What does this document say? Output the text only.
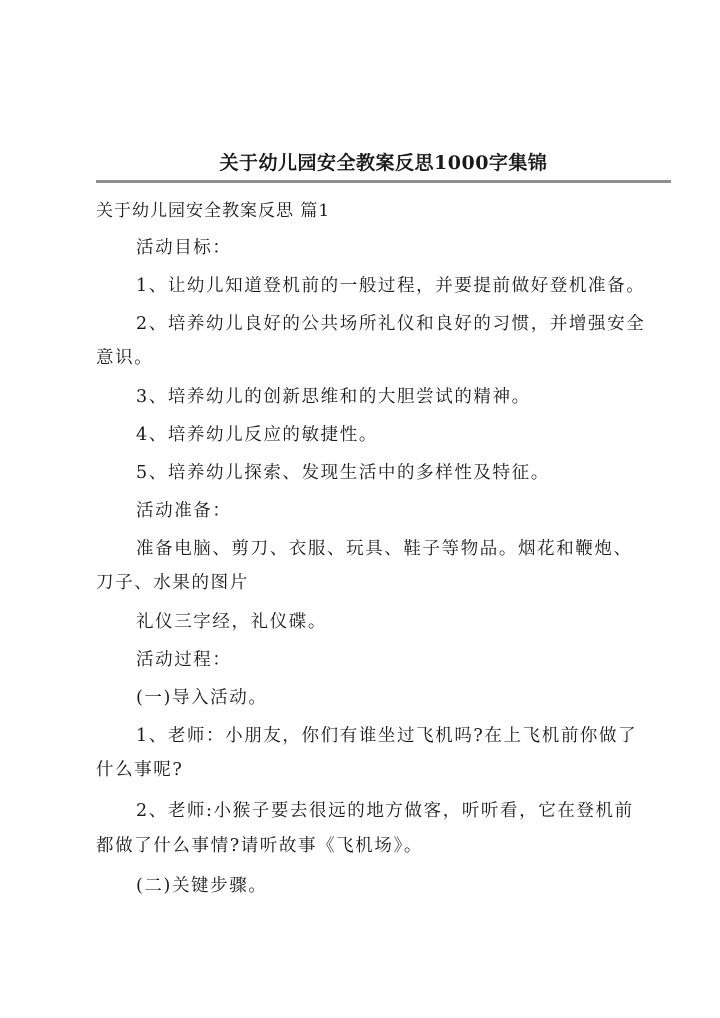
关于幼儿园安全教案反思1000字集锦
关于幼儿园安全教案反思 篇1
活动目标：
1、让幼儿知道登机前的一般过程，并要提前做好登机准备。
2、培养幼儿良好的公共场所礼仪和良好的习惯，并增强安全
意识。
3、培养幼儿的创新思维和的大胆尝试的精神。
4、培养幼儿反应的敏捷性。
5、培养幼儿探索、发现生活中的多样性及特征。
活动准备：
准备电脑、剪刀、衣服、玩具、鞋子等物品。烟花和鞭炮、
刀子、水果的图片
礼仪三字经，礼仪碟。
活动过程：
(一)导入活动。
1、老师：小朋友，你们有谁坐过飞机吗?在上飞机前你做了
什么事呢?
2、老师:小猴子要去很远的地方做客，听听看，它在登机前
都做了什么事情?请听故事《飞机场》。
(二)关键步骤。
